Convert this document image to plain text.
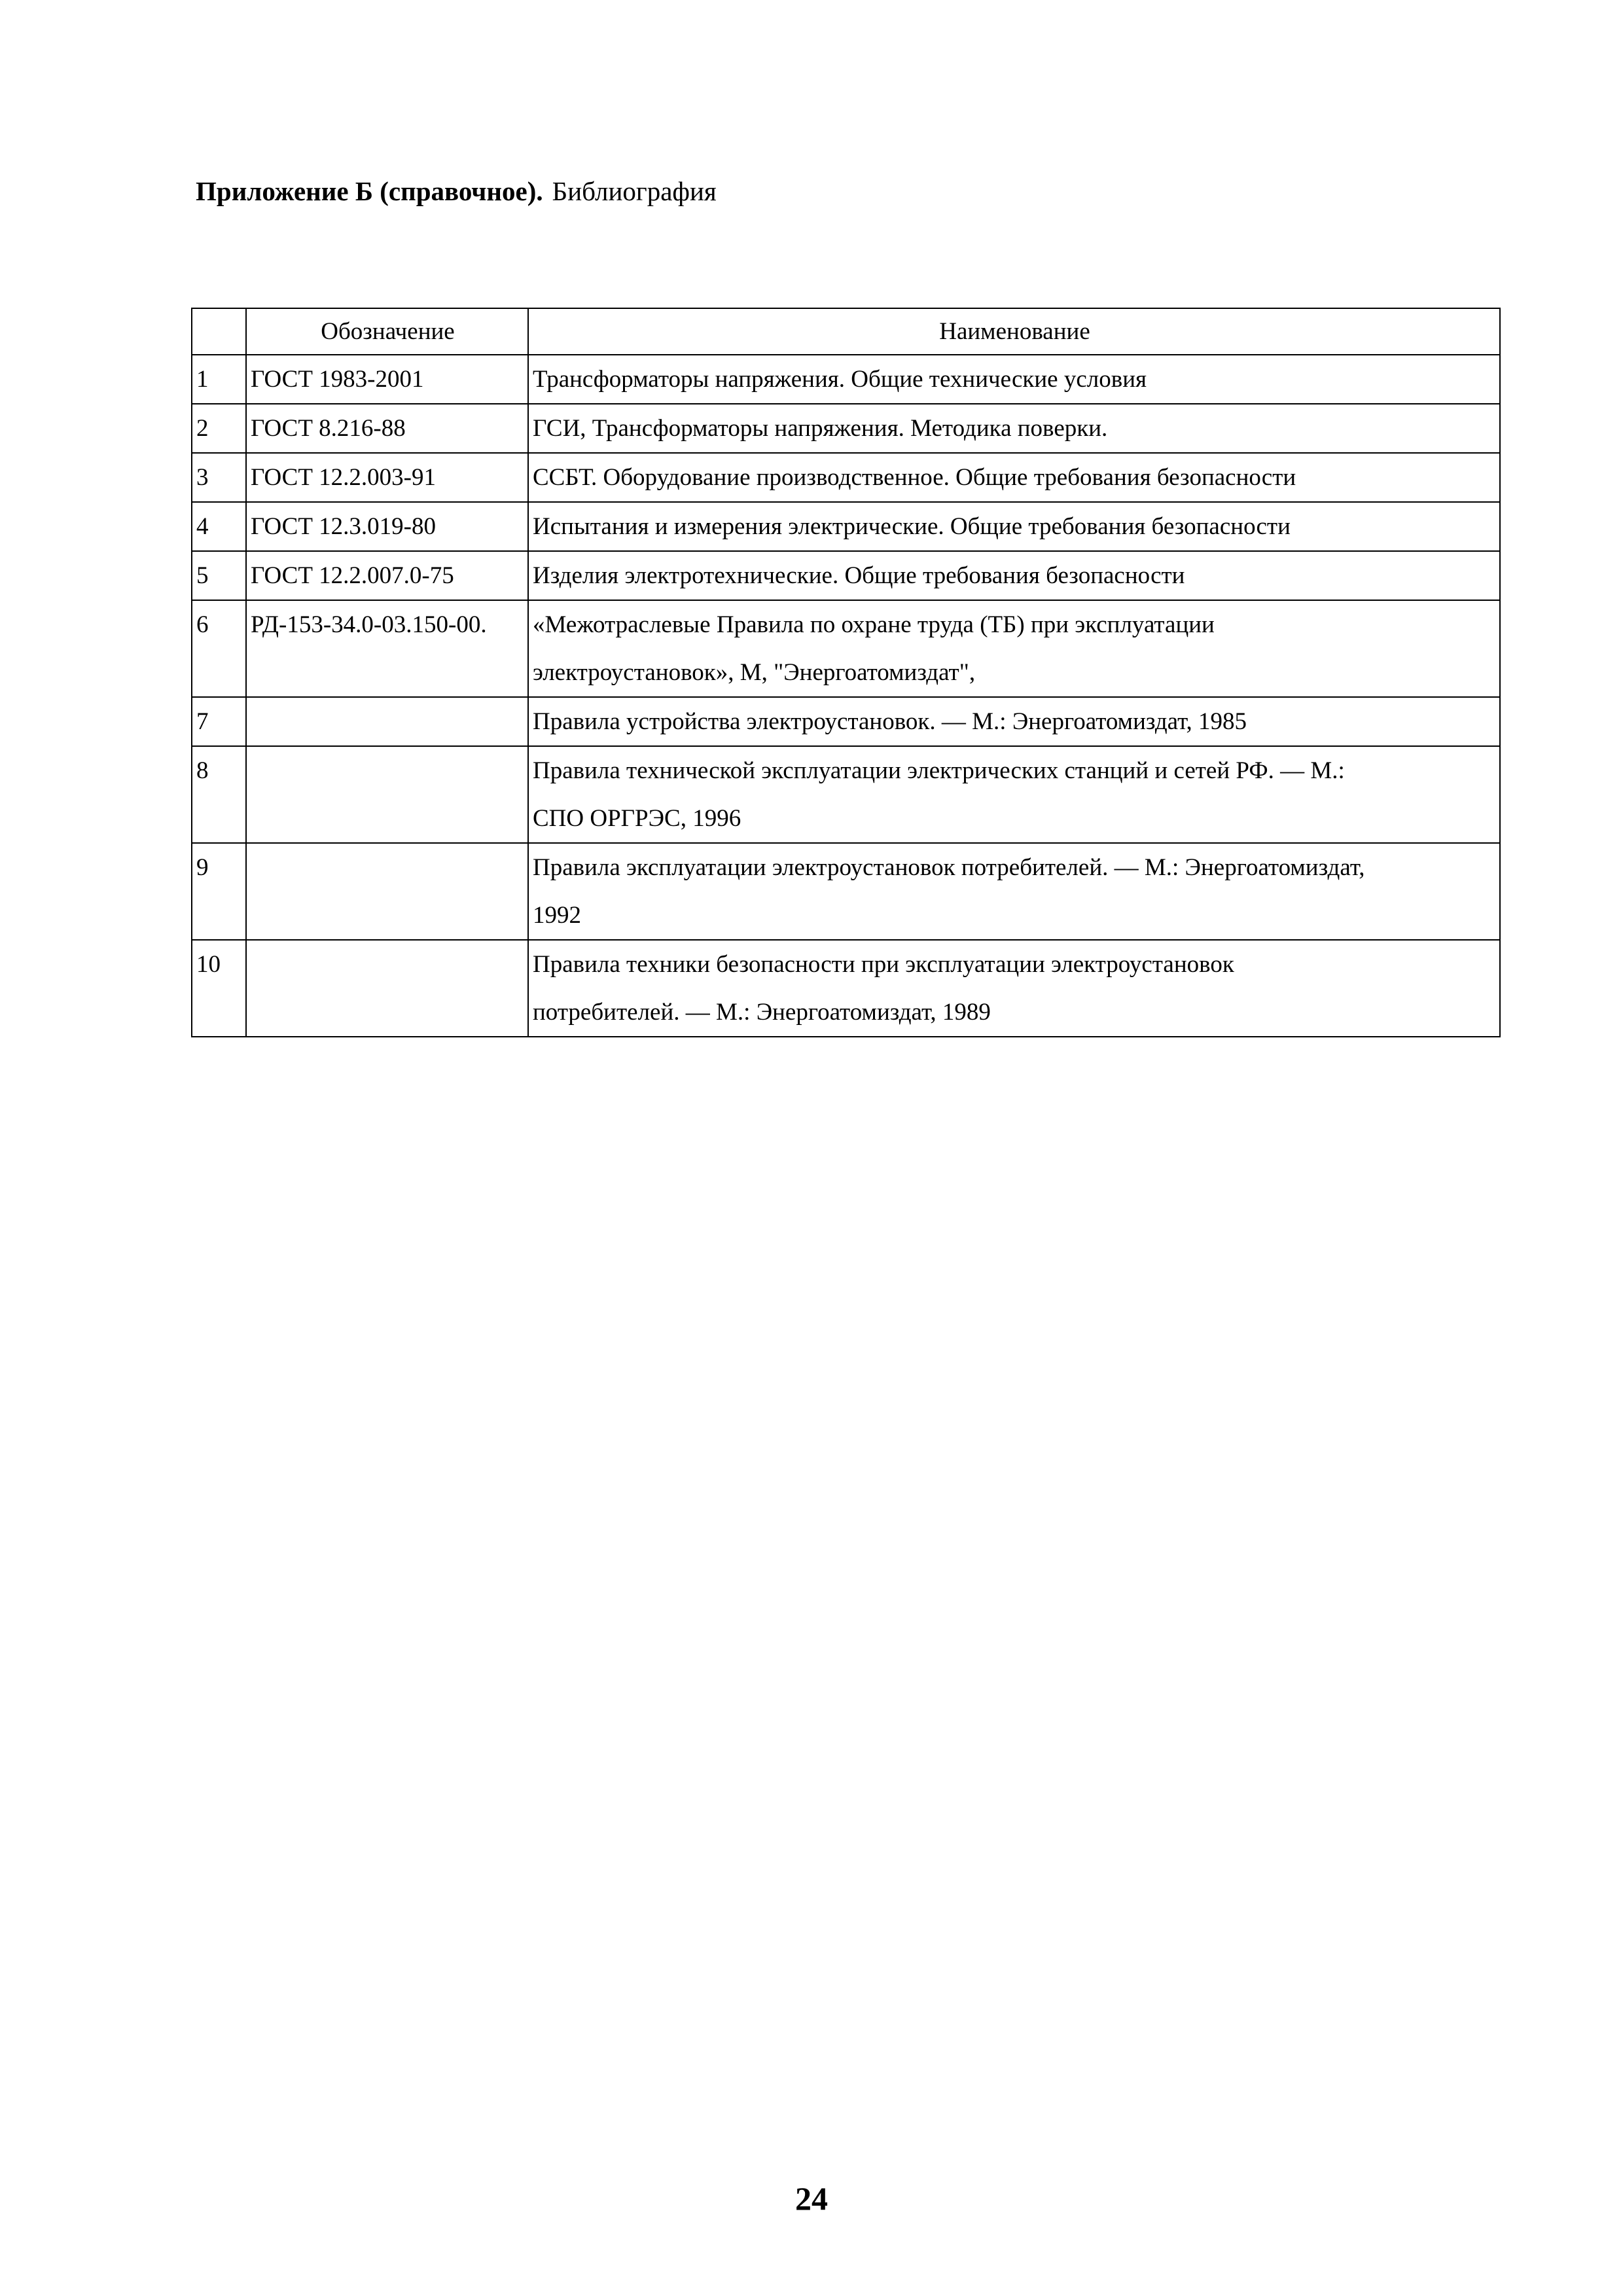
Приложение Б (справочное). Библиография
	Обозначение	Наименование
1	ГОСТ 1983-2001	Трансформаторы напряжения. Общие технические условия

2	ГОСТ 8.216-88	ГСИ, Трансформаторы напряжения. Методика поверки.

3	ГОСТ 12.2.003-91	ССБТ. Оборудование производственное. Общие требования безопасности

4	ГОСТ 12.3.019-80	Испытания и измерения электрические. Общие требования безопасности

5	ГОСТ 12.2.007.0-75	Изделия электротехнические. Общие требования безопасности

6	РД-153-34.0-03.150-00.	«Межотраслевые Правила по охране труда (ТБ) при эксплуатации
электроустановок», М, "Энергоатомиздат",

7		Правила устройства электроустановок. — М.: Энергоатомиздат, 1985

8		Правила технической эксплуатации электрических станций и сетей РФ. — М.:
СПО ОРГРЭС, 1996

9		Правила эксплуатации электроустановок потребителей. — М.: Энергоатомиздат,
1992

10		Правила техники безопасности при эксплуатации электроустановок
потребителей. — М.: Энергоатомиздат, 1989
24
